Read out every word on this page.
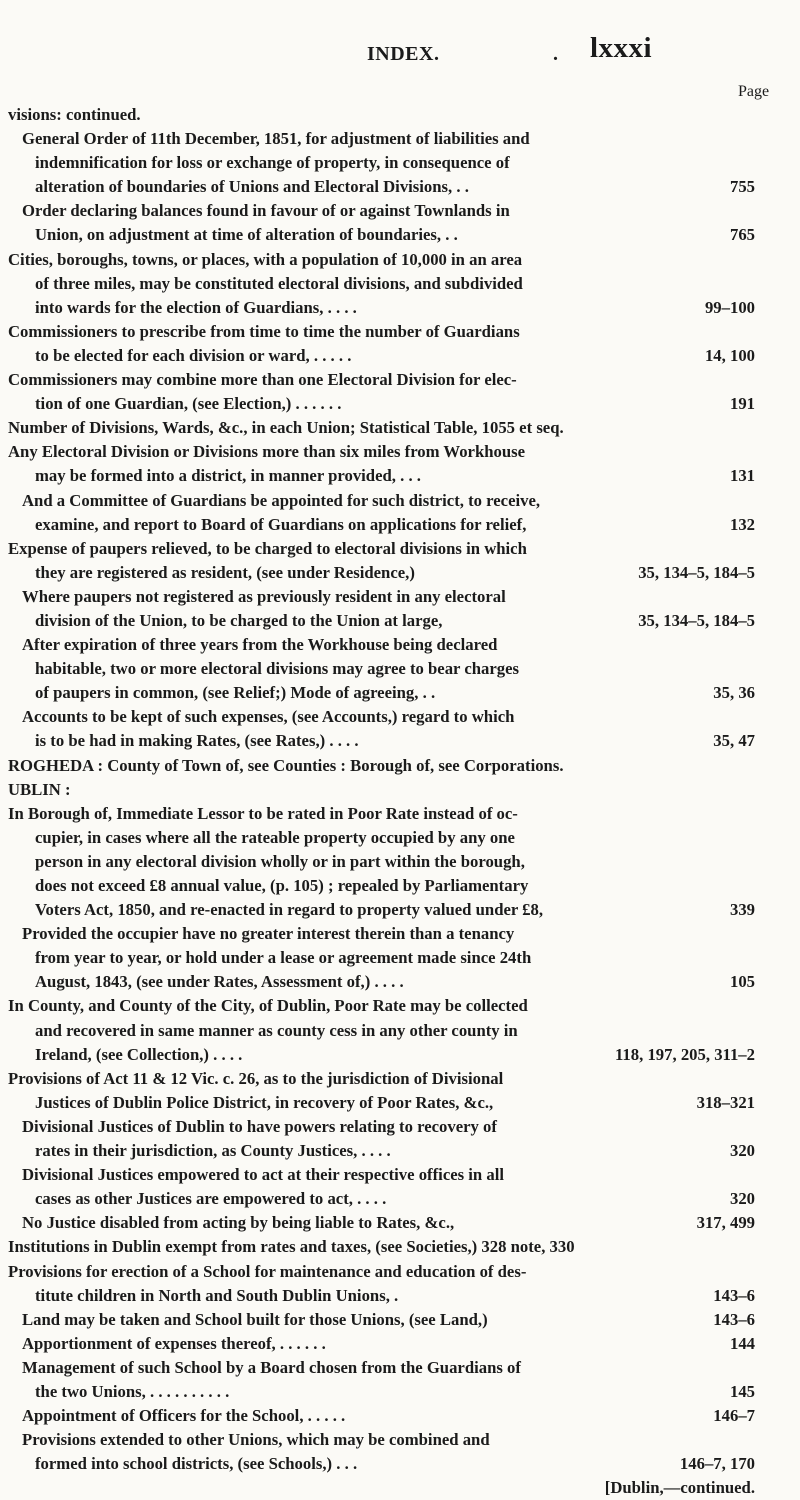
INDEX.	. lxxxi
Page
visions: continued.
General Order of 11th December, 1851, for adjustment of liabilities and
indemnification for loss or exchange of property, in consequence of
alteration of boundaries of Unions and Electoral Divisions, . .	755
Order declaring balances found in favour of or against Townlands in
Union, on adjustment at time of alteration of boundaries, . .	765
Cities, boroughs, towns, or places, with a population of 10,000 in an area
of three miles, may be constituted electoral divisions, and subdivided
into wards for the election of Guardians, . . . .	99–100
Commissioners to prescribe from time to time the number of Guardians
to be elected for each division or ward, . . . . .	14, 100
Commissioners may combine more than one Electoral Division for elec-
tion of one Guardian, (see Election,) . . . . . .	191
Number of Divisions, Wards, &c., in each Union; Statistical Table, 1055 et seq.
Any Electoral Division or Divisions more than six miles from Workhouse
may be formed into a district, in manner provided, . . .	131
And a Committee of Guardians be appointed for such district, to receive,
examine, and report to Board of Guardians on applications for relief,	132
Expense of paupers relieved, to be charged to electoral divisions in which
they are registered as resident, (see under Residence,)	35, 134–5, 184–5
Where paupers not registered as previously resident in any electoral
division of the Union, to be charged to the Union at large,	35, 134–5, 184–5
After expiration of three years from the Workhouse being declared
habitable, two or more electoral divisions may agree to bear charges
of paupers in common, (see Relief;) Mode of agreeing, . .	35, 36
Accounts to be kept of such expenses, (see Accounts,) regard to which
is to be had in making Rates, (see Rates,) . . . .	35, 47
ROGHEDA : County of Town of, see Counties : Borough of, see Corporations.
UBLIN :
In Borough of, Immediate Lessor to be rated in Poor Rate instead of oc-
cupier, in cases where all the rateable property occupied by any one
person in any electoral division wholly or in part within the borough,
does not exceed £8 annual value, (p. 105) ; repealed by Parliamentary
Voters Act, 1850, and re-enacted in regard to property valued under £8,	339
Provided the occupier have no greater interest therein than a tenancy
from year to year, or hold under a lease or agreement made since 24th
August, 1843, (see under Rates, Assessment of,) . . . .	105
In County, and County of the City, of Dublin, Poor Rate may be collected
and recovered in same manner as county cess in any other county in
Ireland, (see Collection,) . . . .	118, 197, 205, 311–2
Provisions of Act 11 & 12 Vic. c. 26, as to the jurisdiction of Divisional
Justices of Dublin Police District, in recovery of Poor Rates, &c.,	318–321
Divisional Justices of Dublin to have powers relating to recovery of
rates in their jurisdiction, as County Justices, . . . .	320
Divisional Justices empowered to act at their respective offices in all
cases as other Justices are empowered to act, . . . .	320
No Justice disabled from acting by being liable to Rates, &c.,	317, 499
Institutions in Dublin exempt from rates and taxes, (see Societies,) 328 note, 330
Provisions for erection of a School for maintenance and education of des-
titute children in North and South Dublin Unions, .	143–6
Land may be taken and School built for those Unions, (see Land,)	143–6
Apportionment of expenses thereof, . . . . . .	144
Management of such School by a Board chosen from the Guardians of
the two Unions, . . . . . . . . . .	145
Appointment of Officers for the School, . . . . .	146–7
Provisions extended to other Unions, which may be combined and
formed into school districts, (see Schools,) . . .	146–7, 170
[Dublin,—continued.
